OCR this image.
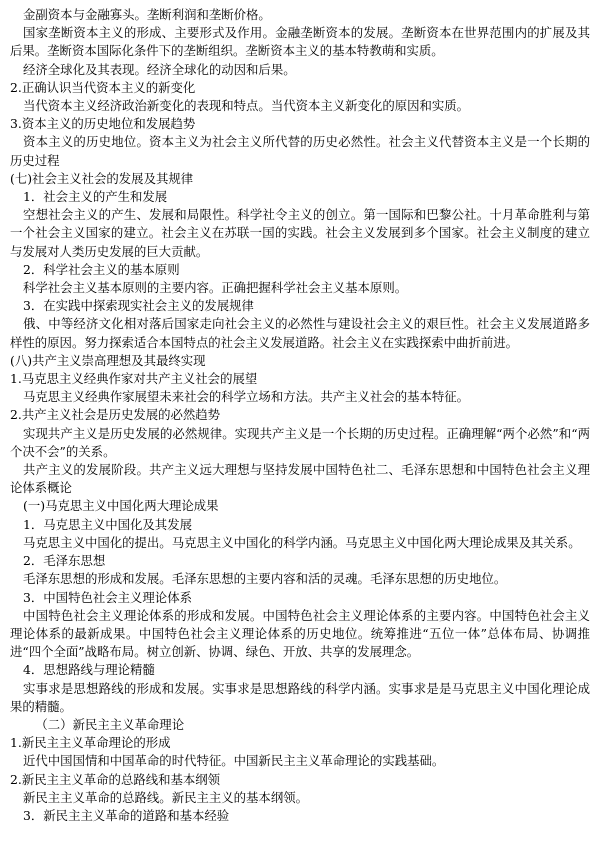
金副资本与金融寡头。垄断利润和垄断价格。

国家垄断资本主义的形成、主要形式及作用。金融垄断资本的发展。垄断资本在世界范围内的扩展及其后果。垄断资本国际化条件下的垄断组织。垄断资本主义的基本特教萌和实质。

经济全球化及其表现。经济全球化的动因和后果。

2.正确认识当代资本主义的新变化

当代资本主义经济政治新变化的表现和特点。当代资本主义新变化的原因和实质。

3.资本主义的历史地位和发展趋势

资本主义的历史地位。资本主义为社会主义所代替的历史必然性。社会主义代替资本主义是一个长期的历史过程

(七)社会主义社会的发展及其规律

1．社会主义的产生和发展

空想社会主义的产生、发展和局限性。科学社令主义的创立。第一国际和巴黎公社。十月革命胜利与第一个社会主义国家的建立。社会主义在苏联一国的实践。社会主义发展到多个国家。社会主义制度的建立与发展对人类历史发展的巨大贡献。

2．科学社会主义的基本原则

科学社会主义基本原则的主要内容。正确把握科学社会主义基本原则。

3．在实践中探索现实社会主义的发展规律

俄、中等经济文化相对落后国家走向社会主义的必然性与建设社会主义的艰巨性。社会主义发展道路多样性的原因。努力探索适合本国特点的社会主义发展道路。社会主义在实践探索中曲折前进。

(八)共产主义崇高理想及其最终实现

1.马克思主义经典作家对共产主义社会的展望

马克思主义经典作家展望未来社会的科学立场和方法。共产主义社会的基本特征。

2.共产主义社会是历史发展的必然趋势

实现共产主义是历史发展的必然规律。实现共产主义是一个长期的历史过程。正确理解“两个必然”和“两个决不会”的关系。

共产主义的发展阶段。共产主义远大理想与坚持发展中国特色社二、毛泽东思想和中国特色社会主义理论体系概论

(一)马克思主义中国化两大理论成果

1．马克思主义中国化及其发展

马克思主义中国化的提出。马克思主义中国化的科学内涵。马克思主义中国化两大理论成果及其关系。

2．毛泽东思想

毛泽东思想的形成和发展。毛泽东思想的主要内容和活的灵魂。毛泽东思想的历史地位。

3．中国特色社会主义理论体系

中国特色社会主义理论体系的形成和发展。中国特色社会主义理论体系的主要内容。中国特色社会主义理论体系的最新成果。中国特色社会主义理论体系的历史地位。统筹推进“五位一体”总体布局、协调推进“四个全面”战略布局。树立创新、协调、绿色、开放、共享的发展理念。

4．思想路线与理论精髓

实事求是思想路线的形成和发展。实事求是思想路线的科学内涵。实事求是是马克思主义中国化理论成果的精髓。

（二）新民主主义革命理论

1.新民主主义革命理论的形成

近代中国国情和中国革命的时代特征。中国新民主主义革命理论的实践基础。

2.新民主主义革命的总路线和基本纲领

新民主主义革命的总路线。新民主主义的基本纲领。

3．新民主主义革命的道路和基本经验
